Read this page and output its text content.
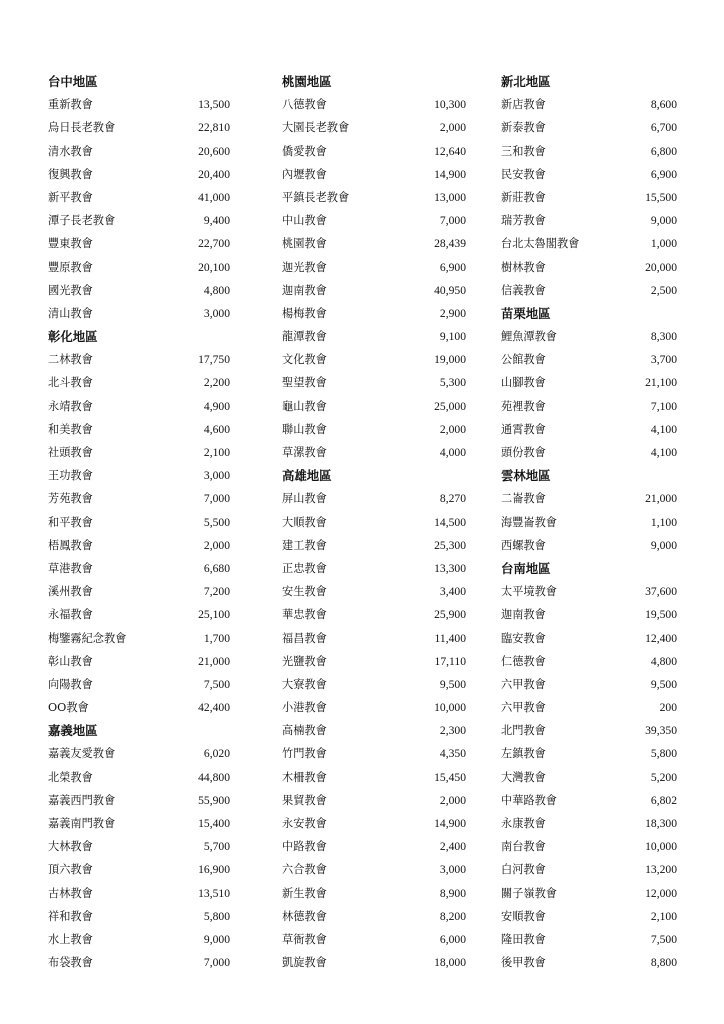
台中地區
重新教會	13,500
烏日長老教會	22,810
清水教會	20,600
復興教會	20,400
新平教會	41,000
潭子長老教會	9,400
豐東教會	22,700
豐原教會	20,100
國光教會	4,800
清山教會	3,000
彰化地區
二林教會	17,750
北斗教會	2,200
永靖教會	4,900
和美教會	4,600
社頭教會	2,100
王功教會	3,000
芳苑教會	7,000
和平教會	5,500
梧鳳教會	2,000
草港教會	6,680
溪州教會	7,200
永福教會	25,100
梅鑒霧紀念教會	1,700
彰山教會	21,000
向陽教會	7,500
OO教會	42,400
嘉義地區
嘉義友愛教會	6,020
北榮教會	44,800
嘉義西門教會	55,900
嘉義南門教會	15,400
大林教會	5,700
頂六教會	16,900
古林教會	13,510
祥和教會	5,800
水上教會	9,000
布袋教會	7,000
桃園地區
八德教會	10,300
大園長老教會	2,000
僑愛教會	12,640
內壢教會	14,900
平鎮長老教會	13,000
中山教會	7,000
桃園教會	28,439
迦光教會	6,900
迦南教會	40,950
楊梅教會	2,900
龍潭教會	9,100
文化教會	19,000
聖望教會	5,300
龜山教會	25,000
聯山教會	2,000
草漯教會	4,000
高雄地區
屏山教會	8,270
大順教會	14,500
建工教會	25,300
正忠教會	13,300
安生教會	3,400
華忠教會	25,900
福昌教會	11,400
光鹽教會	17,110
大寮教會	9,500
小港教會	10,000
高楠教會	2,300
竹門教會	4,350
木柵教會	15,450
果貿教會	2,000
永安教會	14,900
中路教會	2,400
六合教會	3,000
新生教會	8,900
林德教會	8,200
草衙教會	6,000
凱旋教會	18,000
新北地區
新店教會	8,600
新泰教會	6,700
三和教會	6,800
民安教會	6,900
新莊教會	15,500
瑞芳教會	9,000
台北太魯閣教會	1,000
樹林教會	20,000
信義教會	2,500
苗栗地區
鯉魚潭教會	8,300
公館教會	3,700
山腳教會	21,100
苑裡教會	7,100
通霄教會	4,100
頭份教會	4,100
雲林地區
二崙教會	21,000
海豐崙教會	1,100
西螺教會	9,000
台南地區
太平境教會	37,600
迦南教會	19,500
臨安教會	12,400
仁德教會	4,800
六甲教會	9,500
六甲教會	200
北門教會	39,350
左鎮教會	5,800
大灣教會	5,200
中華路教會	6,802
永康教會	18,300
南台教會	10,000
白河教會	13,200
關子嶺教會	12,000
安順教會	2,100
隆田教會	7,500
後甲教會	8,800
